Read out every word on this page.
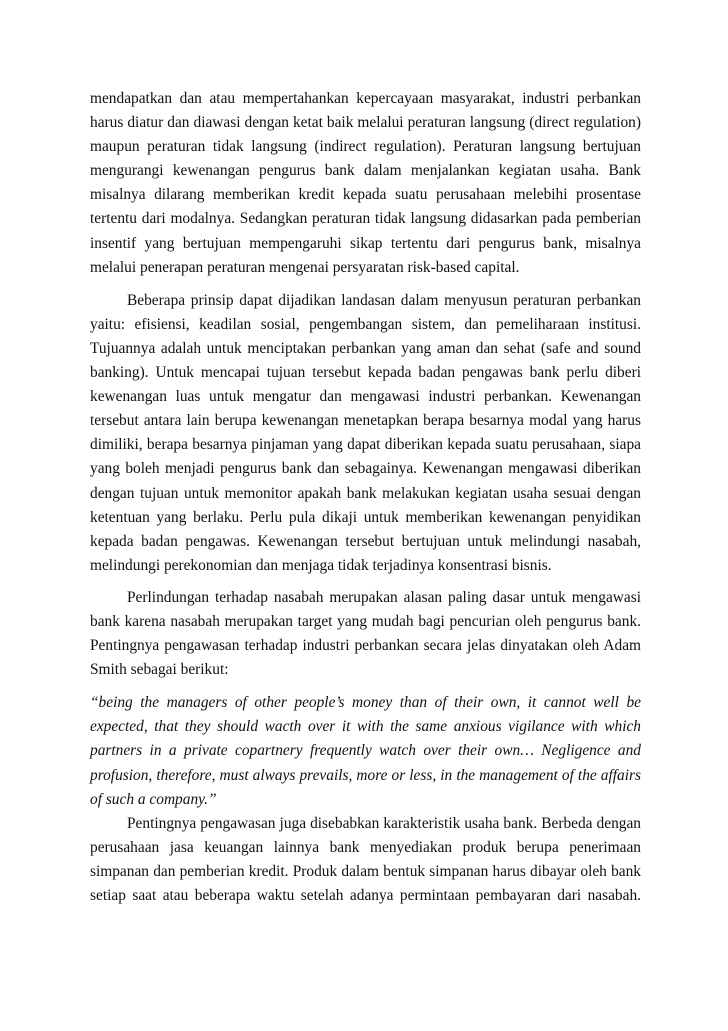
mendapatkan dan atau mempertahankan kepercayaan masyarakat, industri perbankan harus diatur dan diawasi dengan ketat baik melalui peraturan langsung (direct regulation) maupun peraturan tidak langsung (indirect regulation). Peraturan langsung bertujuan mengurangi kewenangan pengurus bank dalam menjalankan kegiatan usaha. Bank misalnya dilarang memberikan kredit kepada suatu perusahaan melebihi prosentase tertentu dari modalnya. Sedangkan peraturan tidak langsung didasarkan pada pemberian insentif yang bertujuan mempengaruhi sikap tertentu dari pengurus bank, misalnya melalui penerapan peraturan mengenai persyaratan risk-based capital.

Beberapa prinsip dapat dijadikan landasan dalam menyusun peraturan perbankan yaitu: efisiensi, keadilan sosial, pengembangan sistem, dan pemeliharaan institusi. Tujuannya adalah untuk menciptakan perbankan yang aman dan sehat (safe and sound banking). Untuk mencapai tujuan tersebut kepada badan pengawas bank perlu diberi kewenangan luas untuk mengatur dan mengawasi industri perbankan. Kewenangan tersebut antara lain berupa kewenangan menetapkan berapa besarnya modal yang harus dimiliki, berapa besarnya pinjaman yang dapat diberikan kepada suatu perusahaan, siapa yang boleh menjadi pengurus bank dan sebagainya. Kewenangan mengawasi diberikan dengan tujuan untuk memonitor apakah bank melakukan kegiatan usaha sesuai dengan ketentuan yang berlaku. Perlu pula dikaji untuk memberikan kewenangan penyidikan kepada badan pengawas. Kewenangan tersebut bertujuan untuk melindungi nasabah, melindungi perekonomian dan menjaga tidak terjadinya konsentrasi bisnis.

Perlindungan terhadap nasabah merupakan alasan paling dasar untuk mengawasi bank karena nasabah merupakan target yang mudah bagi pencurian oleh pengurus bank. Pentingnya pengawasan terhadap industri perbankan secara jelas dinyatakan oleh Adam Smith sebagai berikut:

“being the managers of other people’s money than of their own, it cannot well be expected, that they should wacth over it with the same anxious vigilance with which partners in a private copartnery frequently watch over their own… Negligence and profusion, therefore, must always prevails, more or less, in the management of the affairs of such a company.”

Pentingnya pengawasan juga disebabkan karakteristik usaha bank. Berbeda dengan perusahaan jasa keuangan lainnya bank menyediakan produk berupa penerimaan simpanan dan pemberian kredit. Produk dalam bentuk simpanan harus dibayar oleh bank setiap saat atau beberapa waktu setelah adanya permintaan pembayaran dari nasabah.
